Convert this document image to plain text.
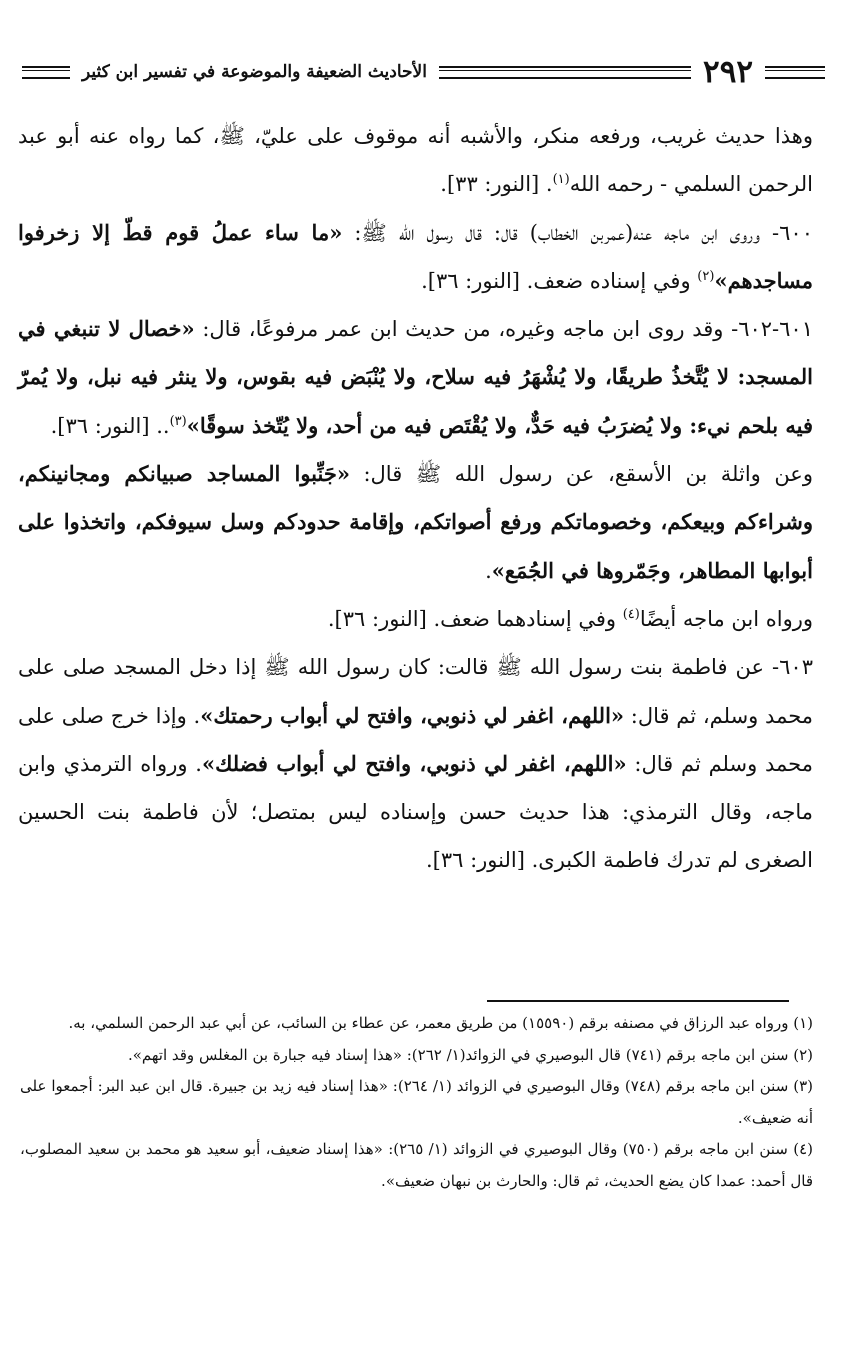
٢٩٢
الأحاديث الضعيفة والموضوعة في تفسير ابن كثير

وهذا حديث غريب، ورفعه منكر، والأشبه أنه موقوف على عليّ، ﷺ، كما رواه عنه أبو عبد الرحمن السلمي - رحمه الله$^{(١)}$. [النور: ٣٣].

٦٠٠- وروى ابن ماجه عنه(عمربن الخطاب) قال: قال رسول الله ﷺ: «ما ساء عملُ قوم قطّ إلا زخرفوا مساجدهم»$^{(٢)}$ وفي إسناده ضعف. [النور: ٣٦].

٦٠١-٦٠٢- وقد روى ابن ماجه وغيره، من حديث ابن عمر مرفوعًا، قال: «خصال لا تنبغي في المسجد: لا يُتَّخذُ طريقًا، ولا يُشْهَرُ فيه سلاح، ولا يُنْبَض فيه بقوس، ولا ينثر فيه نبل، ولا يُمرّ فيه بلحم نيء: ولا يُضرَبُ فيه حَدٌّ، ولا يُقْتَص فيه من أحد، ولا يُتّخذ سوقًا»$^{(٣)}$.. [النور: ٣٦].

وعن واثلة بن الأسقع، عن رسول الله ﷺ قال: «جَنِّبوا المساجد صبيانكم ومجانينكم، وشراءكم وبيعكم، وخصوماتكم ورفع أصواتكم، وإقامة حدودكم وسل سيوفكم، واتخذوا على أبوابها المطاهر، وجَمّروها في الجُمَع».

ورواه ابن ماجه أيضًا$^{(٤)}$ وفي إسنادهما ضعف. [النور: ٣٦].

٦٠٣- عن فاطمة بنت رسول الله ﷺ قالت: كان رسول الله ﷺ إذا دخل المسجد صلى على محمد وسلم، ثم قال: «اللهم، اغفر لي ذنوبي، وافتح لي أبواب رحمتك». وإذا خرج صلى على محمد وسلم ثم قال: «اللهم، اغفر لي ذنوبي، وافتح لي أبواب فضلك». ورواه الترمذي وابن ماجه، وقال الترمذي: هذا حديث حسن وإسناده ليس بمتصل؛ لأن فاطمة بنت الحسين الصغرى لم تدرك فاطمة الكبرى. [النور: ٣٦].

(١) ورواه عبد الرزاق في مصنفه برقم (١٥٥٩٠) من طريق معمر، عن عطاء بن السائب، عن أبي عبد الرحمن السلمي، به.

(٢) سنن ابن ماجه برقم (٧٤١) قال البوصيري في الزوائد(١/ ٢٦٢): «هذا إسناد فيه جبارة بن المغلس وقد اتهم».

(٣) سنن ابن ماجه برقم (٧٤٨) وقال البوصيري في الزوائد (١/ ٢٦٤): «هذا إسناد فيه زيد بن جبيرة. قال ابن عبد البر: أجمعوا على أنه ضعيف».

(٤) سنن ابن ماجه برقم (٧٥٠) وقال البوصيري في الزوائد (١/ ٢٦٥): «هذا إسناد ضعيف، أبو سعيد هو محمد بن سعيد المصلوب، قال أحمد: عمدا كان يضع الحديث، ثم قال: والحارث بن نبهان ضعيف».
